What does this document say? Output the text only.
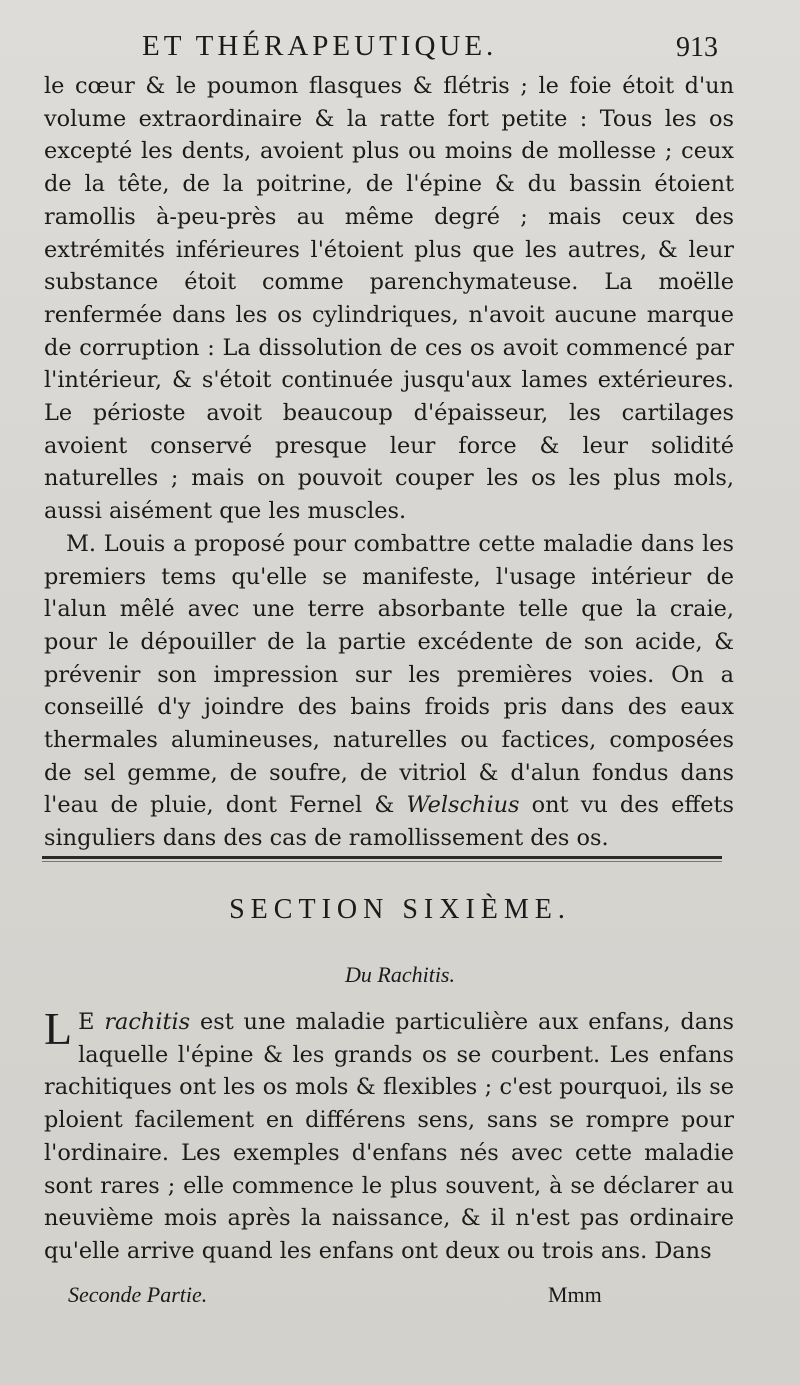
ET THÉRAPEUTIQUE.	913

le cœur & le poumon flasques & flétris ; le foie étoit d'un volume extraordinaire & la ratte fort petite : Tous les os excepté les dents, avoient plus ou moins de mollesse ; ceux de la tête, de la poitrine, de l'épine & du bassin étoient ramollis à-peu-près au même degré ; mais ceux des extrémités inférieures l'étoient plus que les autres, & leur substance étoit comme parenchymateuse. La moëlle renfermée dans les os cylindriques, n'avoit aucune marque de corruption : La dissolution de ces os avoit commencé par l'intérieur, & s'étoit continuée jusqu'aux lames extérieures. Le périoste avoit beaucoup d'épaisseur, les cartilages avoient conservé presque leur force & leur solidité naturelles ; mais on pouvoit couper les os les plus mols, aussi aisément que les muscles.

M. Louis a proposé pour combattre cette maladie dans les premiers tems qu'elle se manifeste, l'usage intérieur de l'alun mêlé avec une terre absorbante telle que la craie, pour le dépouiller de la partie excédente de son acide, & prévenir son impression sur les premières voies. On a conseillé d'y joindre des bains froids pris dans des eaux thermales alumineuses, naturelles ou factices, composées de sel gemme, de soufre, de vitriol & d'alun fondus dans l'eau de pluie, dont Fernel & Welschius ont vu des effets singuliers dans des cas de ramollissement des os.

SECTION SIXIÈME.
Du Rachitis.

L E rachitis est une maladie particulière aux enfans, dans laquelle l'épine & les grands os se courbent. Les enfans rachitiques ont les os mols & flexibles ; c'est pourquoi, ils se ploient facilement en différens sens, sans se rompre pour l'ordinaire. Les exemples d'enfans nés avec cette maladie sont rares ; elle commence le plus souvent, à se déclarer au neuvième mois après la naissance, & il n'est pas ordinaire qu'elle arrive quand les enfans ont deux ou trois ans. Dans

Seconde Partie.	Mmm
